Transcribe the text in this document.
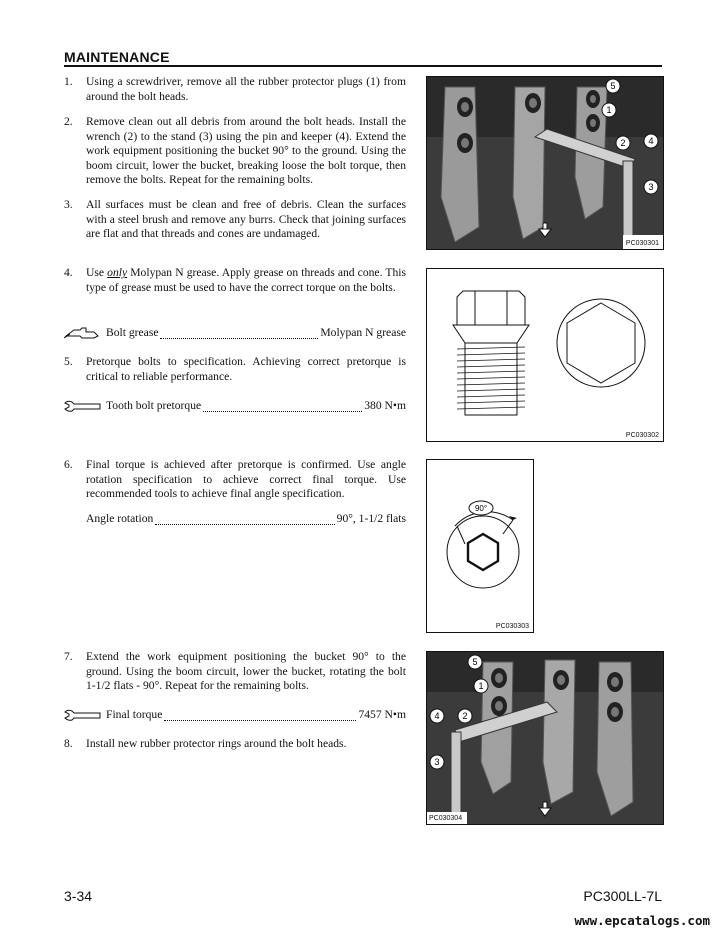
MAINTENANCE
1. Using a screwdriver, remove all the rubber protector plugs (1) from around the bolt heads.
2. Remove clean out all debris from around the bolt heads. Install the wrench (2) to the stand (3) using the pin and keeper (4). Extend the work equipment positioning the bucket 90° to the ground. Using the boom circuit, lower the bucket, breaking loose the bolt torque, then remove the bolts. Repeat for the remaining bolts.
3. All surfaces must be clean and free of debris. Clean the surfaces with a steel brush and remove any burrs. Check that joining surfaces are flat and that threads and cones are undamaged.
4. Use only Molypan N grease. Apply grease on threads and cone. This type of grease must be used to have the correct torque on the bolts.
Bolt grease	Molypan N grease
5. Pretorque bolts to specification. Achieving correct pretorque is critical to reliable performance.
Tooth bolt pretorque	380 N•m
6. Final torque is achieved after pretorque is confirmed. Use angle rotation specification to achieve correct final torque. Use recommended tools to achieve final angle specification.
Angle rotation	90°, 1-1/2 flats
7. Extend the work equipment positioning the bucket 90° to the ground. Using the boom circuit, lower the bucket, rotating the bolt 1-1/2 flats - 90°. Repeat for the remaining bolts.
Final torque	7457 N•m
8. Install new rubber protector rings around the bolt heads.
5
1
2	4
3
PC030301
PC030302
90°
PC030303
5
1
4	2
3
PC030304
3-34	PC300LL-7L
www.epcatalogs.com
